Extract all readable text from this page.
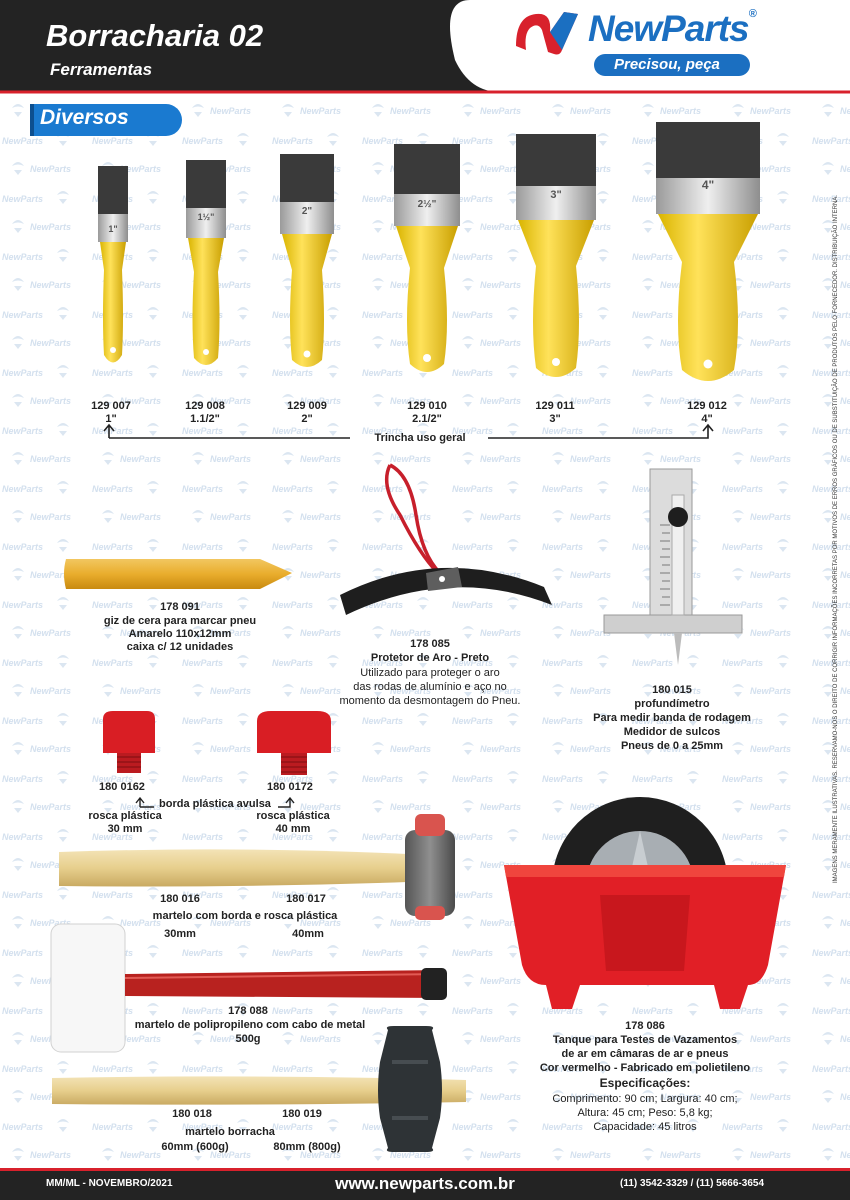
Borracharia 02
Ferramentas
NewParts®
Precisou, peça
Diversos
1"
1½"	2"
2½"
3"
4"
129 007
1"
129 008
1.1/2"
129 009
2"
129 010
2.1/2"
129 011
3"
129 012
4"
Trincha uso geral
178 091
giz de cera para marcar pneu
Amarelo 110x12mm
caixa c/ 12 unidades	178 085
Protetor de Aro - Preto
Utilizado para proteger o aro
das rodas de alumínio e aço no
momento da desmontagem do Pneu.
180 015
profundímetro
Para medir banda de rodagem
Medidor de sulcos
Pneus de 0 a 25mm
180 0162	180 0172
borda plástica avulsa
rosca plástica
30 mm
rosca plástica
40 mm
180 016	180 017
martelo com borda e rosca plástica
30mm	40mm
178 088
martelo de polipropileno com cabo de metal
500g
180 018	180 019
martelo borracha
60mm (600g)	80mm (800g)
178 086
Tanque para Testes de Vazamentos
de ar em câmaras de ar e pneus
Cor vermelho - Fabricado em polietileno
Especificações:
Comprimento: 90 cm; Largura: 40 cm;
Altura: 45 cm; Peso: 5,8 kg;
Capacidade: 45 litros
IMAGENS MERAMENTE ILUSTRATIVAS. RESERVAMO-NOS O DIREITO DE CORRIGIR INFORMAÇÕES INCORRETAS POR MOTIVOS DE ERROS GRÁFICOS OU DE SUBSTITUIÇÃO DE PRODUTOS PELO FORNECEDOR. DISTRIBUIÇÃO INTERNA.
MM/ML - NOVEMBRO/2021	www.newparts.com.br	(11) 3542-3329 / (11) 5666-3654
